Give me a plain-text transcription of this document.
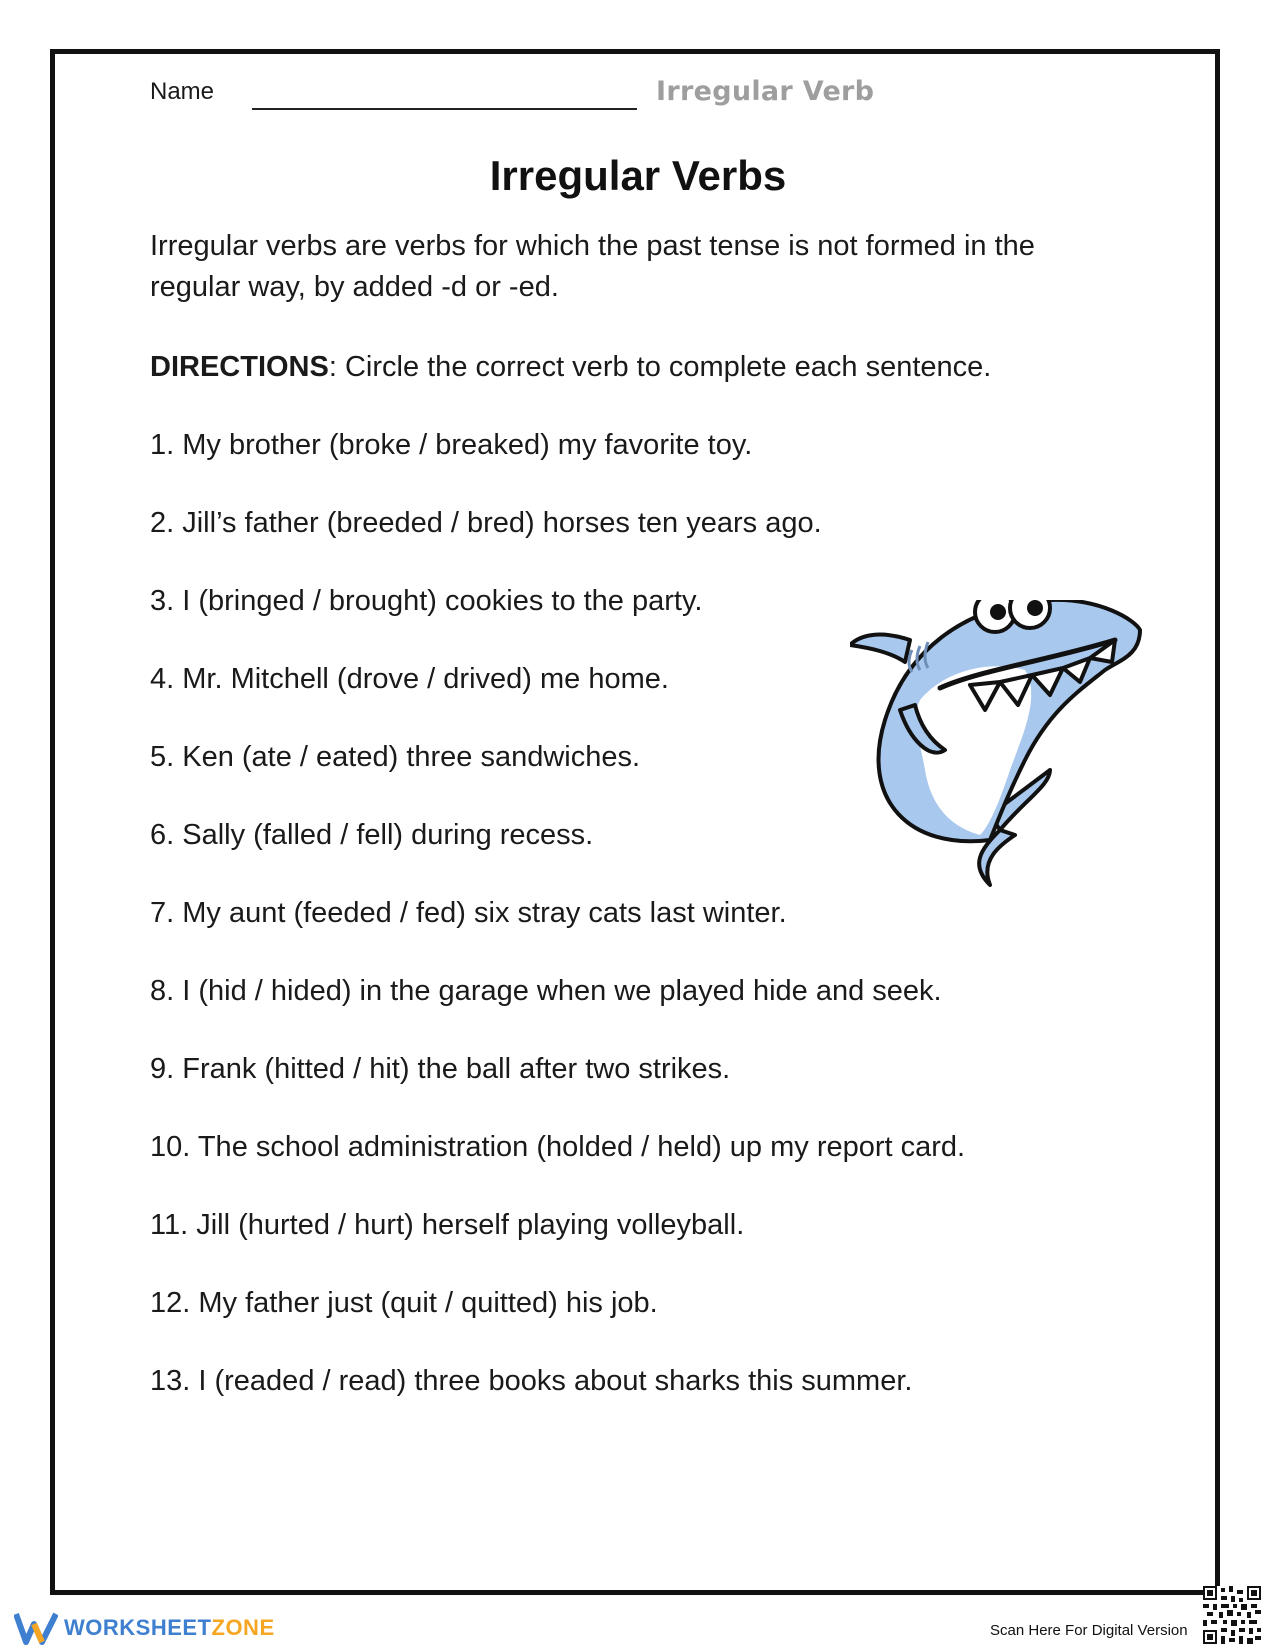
Name	Irregular Verb
Irregular Verbs
Irregular verbs are verbs for which the past tense is not formed in the regular way, by added -d or -ed.
DIRECTIONS: Circle the correct verb to complete each sentence.
1. My brother (broke / breaked) my favorite toy.
2. Jill’s father (breeded / bred) horses ten years ago.
3. I (bringed / brought) cookies to the party.
4. Mr. Mitchell (drove / drived) me home.
5. Ken (ate / eated) three sandwiches.
6. Sally (falled / fell) during recess.
7. My aunt (feeded / fed) six stray cats last winter.
8. I (hid / hided) in the garage when we played hide and seek.
9. Frank (hitted / hit) the ball after two strikes.
10. The school administration (holded / held) up my report card.
11. Jill (hurted / hurt) herself playing volleyball.
12. My father just (quit / quitted) his job.
13. I (readed / read) three books about sharks this summer.
WORKSHEETZONE	Scan Here For Digital Version
